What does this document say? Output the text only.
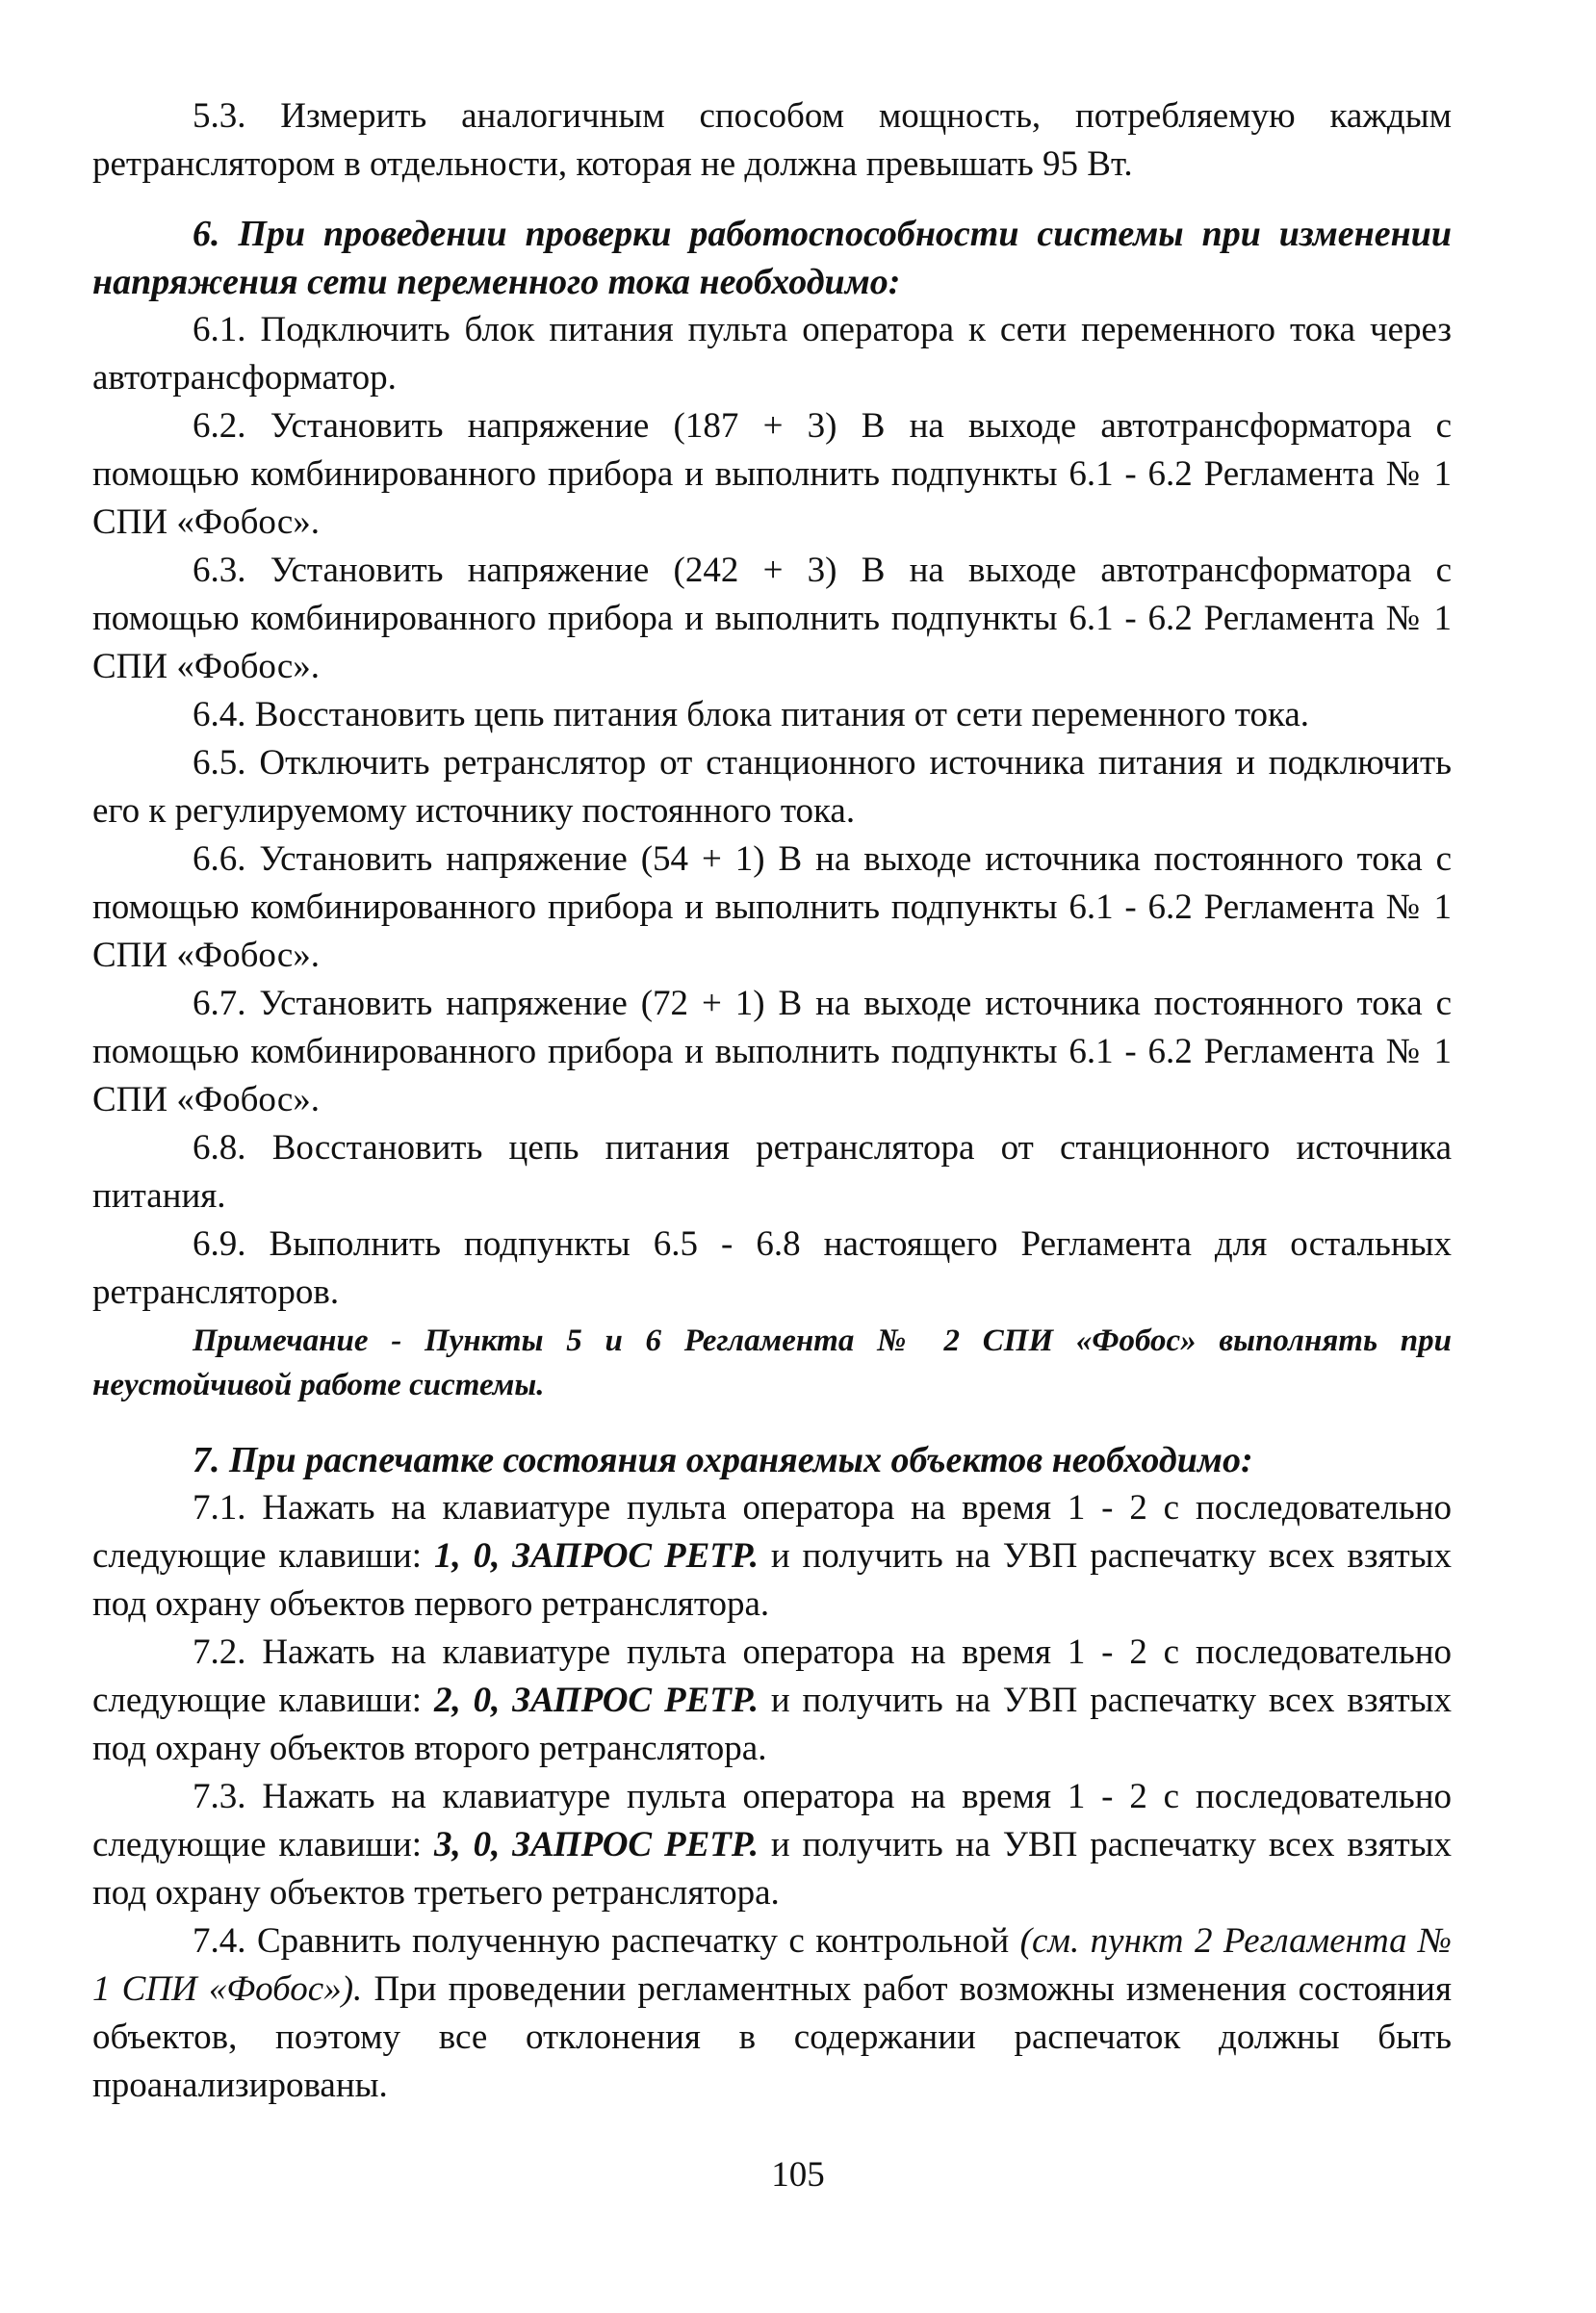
5.3. Измерить аналогичным способом мощность, потребляемую каждым ретранслятором в отдельности, которая не должна превышать 95 Вт.

6. При проведении проверки работоспособности системы при изменении напряжения сети переменного тока необходимо:

6.1. Подключить блок питания пульта оператора к сети переменного тока через автотрансформатор.

6.2. Установить напряжение (187 + 3) В на выходе автотрансформатора с помощью комбинированного прибора и выполнить подпункты 6.1 - 6.2 Регламента № 1 СПИ «Фобос».

6.3. Установить напряжение (242 + 3) В на выходе автотрансформатора с помощью комбинированного прибора и выполнить подпункты 6.1 - 6.2 Регламента № 1 СПИ «Фобос».

6.4. Восстановить цепь питания блока питания от сети переменного тока.

6.5. Отключить ретранслятор от станционного источника питания и подключить его к регулируемому источнику постоянного тока.

6.6. Установить напряжение (54 + 1) В на выходе источника постоянного тока с помощью комбинированного прибора и выполнить подпункты 6.1 - 6.2 Регламента № 1 СПИ «Фобос».

6.7. Установить напряжение (72 + 1) В на выходе источника постоянного тока с помощью комбинированного прибора и выполнить подпункты 6.1 - 6.2 Регламента № 1 СПИ «Фобос».

6.8. Восстановить цепь питания ретранслятора от станционного источника питания.

6.9. Выполнить подпункты 6.5 - 6.8 настоящего Регламента для остальных ретрансляторов.

Примечание - Пункты 5 и 6 Регламента № 2 СПИ «Фобос» выполнять при неустойчивой работе системы.

7. При распечатке состояния охраняемых объектов необходимо:

7.1. Нажать на клавиатуре пульта оператора на время 1 - 2 с последовательно следующие клавиши: 1, 0, ЗАПРОС РЕТР. и получить на УВП распечатку всех взятых под охрану объектов первого ретранслятора.

7.2. Нажать на клавиатуре пульта оператора на время 1 - 2 с последовательно следующие клавиши: 2, 0, ЗАПРОС РЕТР. и получить на УВП распечатку всех взятых под охрану объектов второго ретранслятора.

7.3. Нажать на клавиатуре пульта оператора на время 1 - 2 с последовательно следующие клавиши: 3, 0, ЗАПРОС РЕТР. и получить на УВП распечатку всех взятых под охрану объектов третьего ретранслятора.

7.4. Сравнить полученную распечатку с контрольной (см. пункт 2 Регламента № 1 СПИ «Фобос»). При проведении регламентных работ возможны изменения состояния объектов, поэтому все отклонения в содержании распечаток должны быть проанализированы.

105
